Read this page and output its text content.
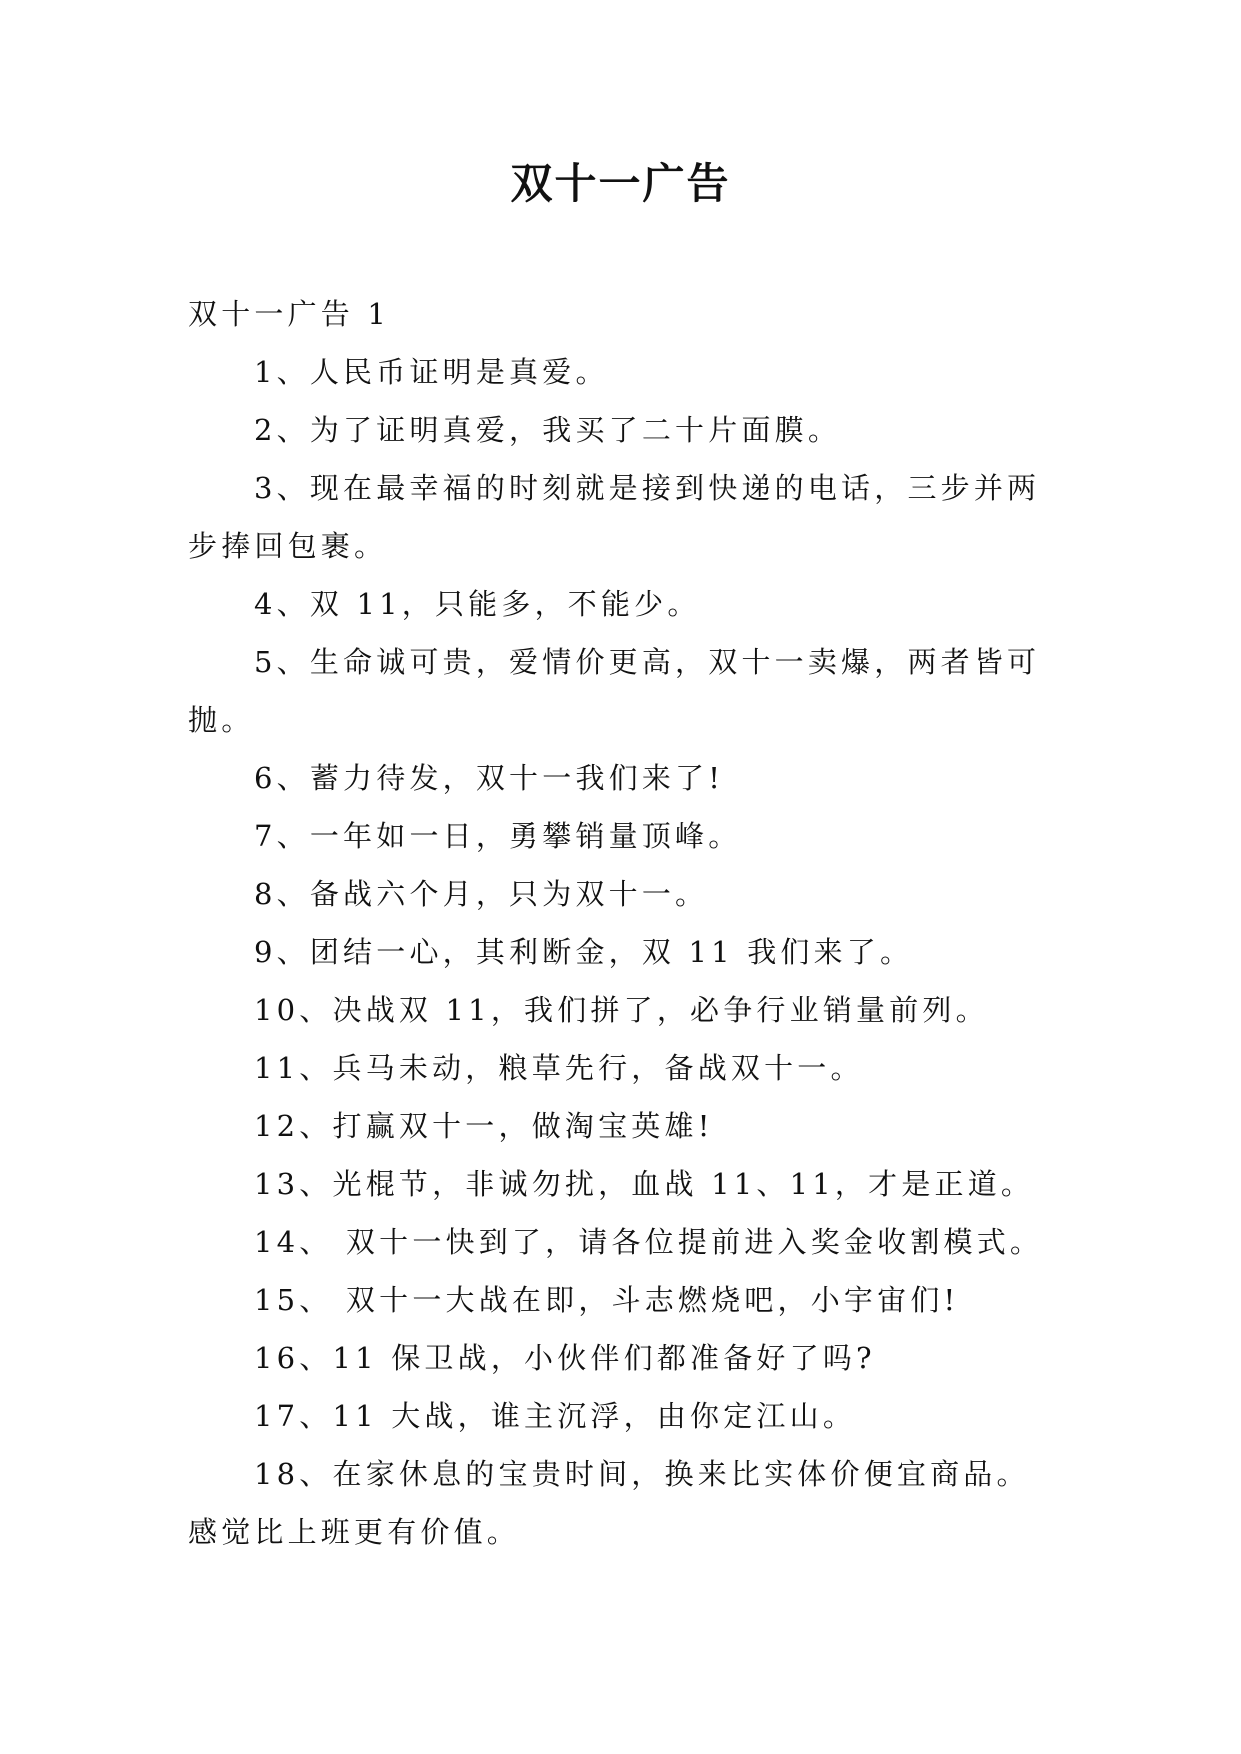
双十一广告

双十一广告 1

1、人民币证明是真爱。
2、为了证明真爱，我买了二十片面膜。
3、现在最幸福的时刻就是接到快递的电话，三步并两步捧回包裹。
4、双 11，只能多，不能少。
5、生命诚可贵，爱情价更高，双十一卖爆，两者皆可抛。
6、蓄力待发，双十一我们来了!
7、一年如一日，勇攀销量顶峰。
8、备战六个月，只为双十一。
9、团结一心，其利断金，双 11 我们来了。
10、决战双 11，我们拼了，必争行业销量前列。
11、兵马未动，粮草先行，备战双十一。
12、打赢双十一，做淘宝英雄!
13、光棍节，非诚勿扰，血战 11、11，才是正道。
14、 双十一快到了，请各位提前进入奖金收割模式。
15、 双十一大战在即，斗志燃烧吧，小宇宙们!
16、11 保卫战，小伙伴们都准备好了吗?
17、11 大战，谁主沉浮，由你定江山。
18、在家休息的宝贵时间，换来比实体价便宜商品。感觉比上班更有价值。
